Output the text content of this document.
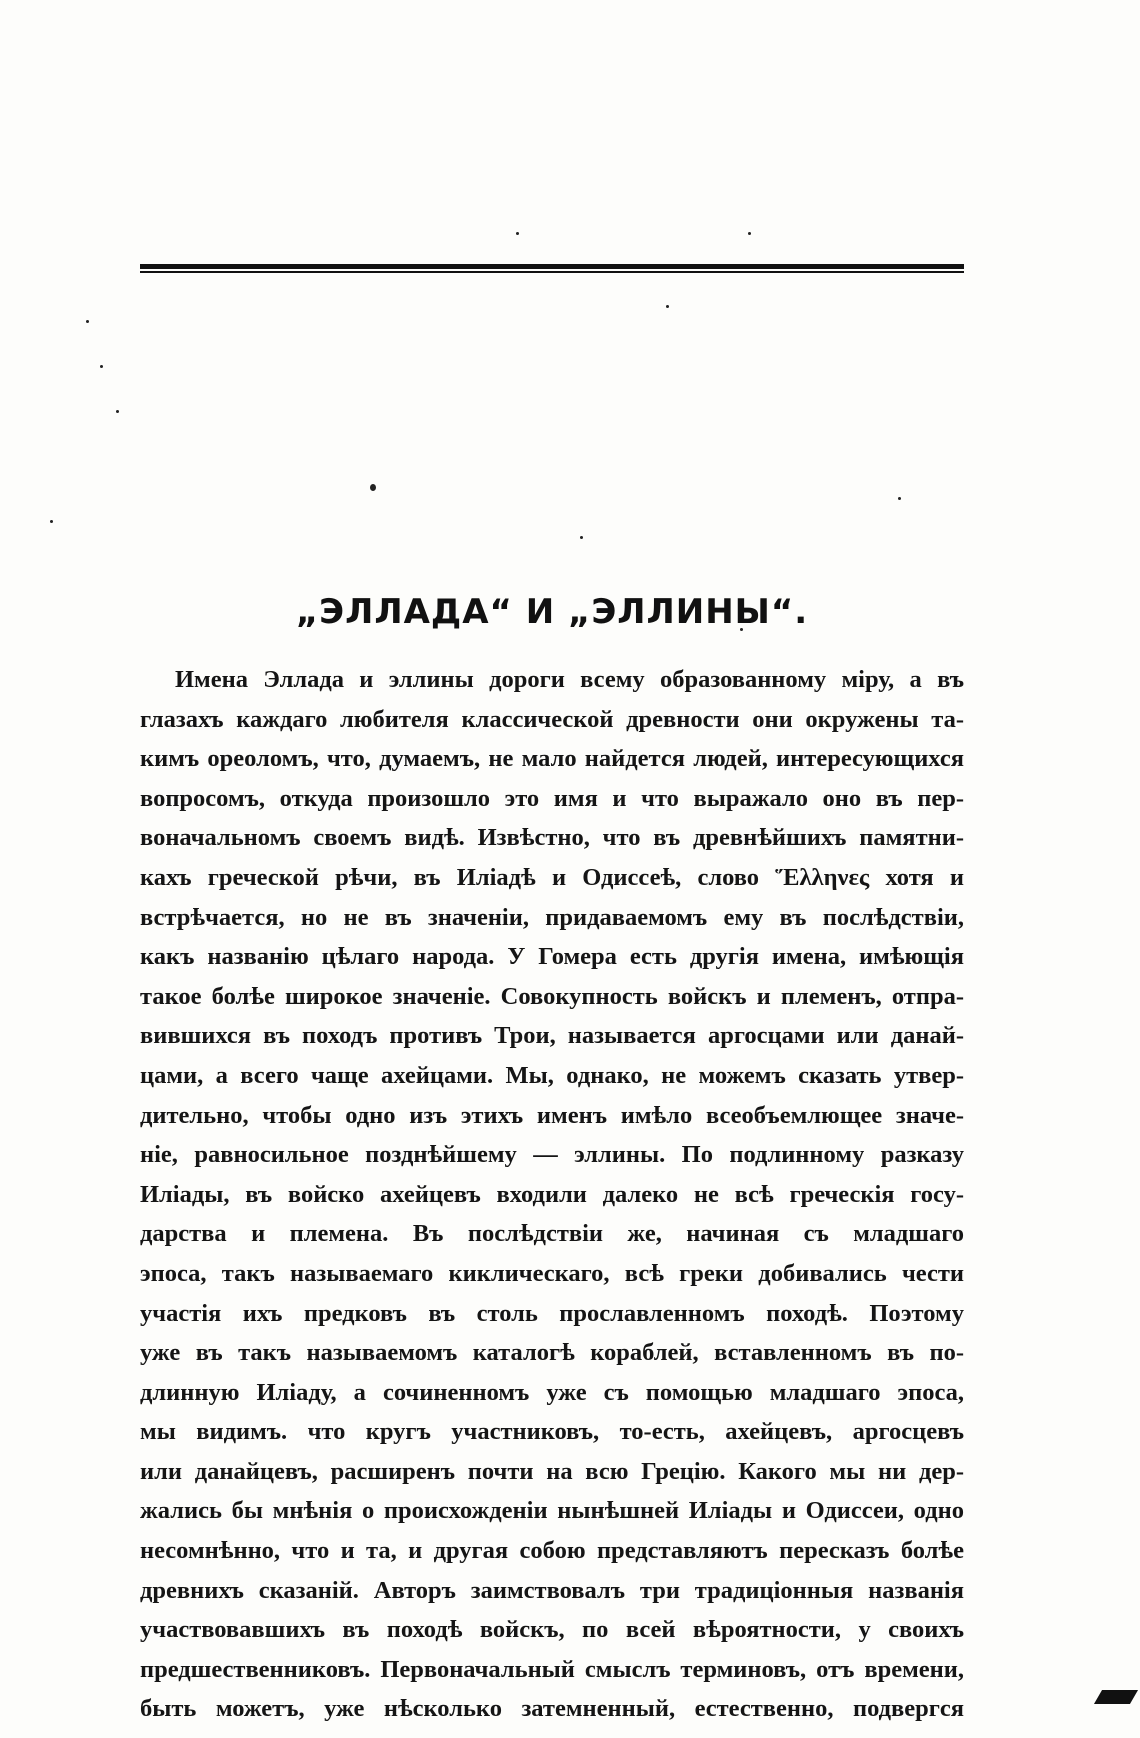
„ЭЛЛАДА“ И „ЭЛЛИНЫ“.
Имена Эллада и эллины дороги всему образованному міру, а въ
глазахъ каждаго любителя классической древности они окружены та-
кимъ ореоломъ, что, думаемъ, не мало найдется людей, интересующихся
вопросомъ, откуда произошло это имя и что выражало оно въ пер-
воначальномъ своемъ видѣ. Извѣстно, что въ древнѣйшихъ памятни-
кахъ греческой рѣчи, въ Иліадѣ и Одиссеѣ, слово Ἕλληνες хотя и
встрѣчается, но не въ значеніи, придаваемомъ ему въ послѣдствіи,
какъ названію цѣлаго народа. У Гомера есть другія имена, имѣющія
такое болѣе широкое значеніе. Совокупность войскъ и племенъ, отпра-
вившихся въ походъ противъ Трои, называется аргосцами или данай-
цами, а всего чаще ахейцами. Мы, однако, не можемъ сказать утвер-
дительно, чтобы одно изъ этихъ именъ имѣло всеобъемлющее значе-
ніе, равносильное позднѣйшему — эллины. По подлинному разказу
Иліады, въ войско ахейцевъ входили далеко не всѣ греческія госу-
дарства и племена. Въ послѣдствіи же, начиная съ младшаго
эпоса, такъ называемаго киклическаго, всѣ греки добивались чести
участія ихъ предковъ въ столь прославленномъ походѣ. Поэтому
уже въ такъ называемомъ каталогѣ кораблей, вставленномъ въ по-
длинную Иліаду, а сочиненномъ уже съ помощью младшаго эпоса,
мы видимъ. что кругъ участниковъ, то-есть, ахейцевъ, аргосцевъ
или данайцевъ, расширенъ почти на всю Грецію. Какого мы ни дер-
жались бы мнѣнія о происхожденіи нынѣшней Иліады и Одиссеи, одно
несомнѣнно, что и та, и другая собою представляютъ пересказъ болѣе
древнихъ сказаній. Авторъ заимствовалъ три традиціонныя названія
участвовавшихъ въ походѣ войскъ, по всей вѣроятности, у своихъ
предшественниковъ. Первоначальный смыслъ терминовъ, отъ времени,
быть можетъ, уже нѣсколько затемненный, естественно, подвергся
